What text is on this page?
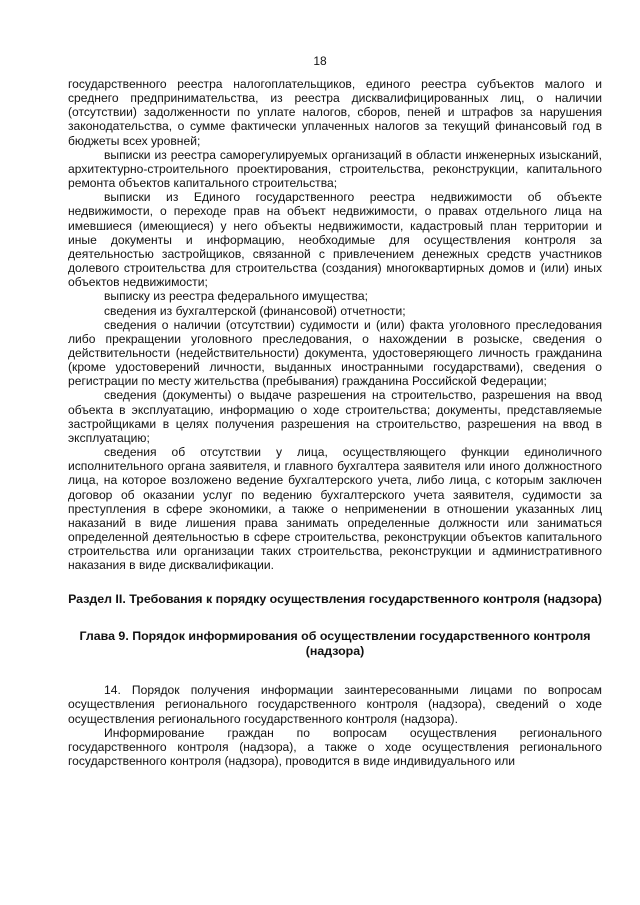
18

государственного реестра налогоплательщиков, единого реестра субъектов малого и среднего предпринимательства, из реестра дисквалифицированных лиц, о наличии (отсутствии) задолженности по уплате налогов, сборов, пеней и штрафов за нарушения законодательства, о сумме фактически уплаченных налогов за текущий финансовый год в бюджеты всех уровней;

выписки из реестра саморегулируемых организаций в области инженерных изысканий, архитектурно-строительного проектирования, строительства, реконструкции, капитального ремонта объектов капитального строительства;

выписки из Единого государственного реестра недвижимости об объекте недвижимости, о переходе прав на объект недвижимости, о правах отдельного лица на имевшиеся (имеющиеся) у него объекты недвижимости, кадастровый план территории и иные документы и информацию, необходимые для осуществления контроля за деятельностью застройщиков, связанной с привлечением денежных средств участников долевого строительства для строительства (создания) многоквартирных домов и (или) иных объектов недвижимости;

выписку из реестра федерального имущества;

сведения из бухгалтерской (финансовой) отчетности;

сведения о наличии (отсутствии) судимости и (или) факта уголовного преследования либо прекращении уголовного преследования, о нахождении в розыске, сведения о действительности (недействительности) документа, удостоверяющего личность гражданина (кроме удостоверений личности, выданных иностранными государствами), сведения о регистрации по месту жительства (пребывания) гражданина Российской Федерации;

сведения (документы) о выдаче разрешения на строительство, разрешения на ввод объекта в эксплуатацию, информацию о ходе строительства; документы, представляемые застройщиками в целях получения разрешения на строительство, разрешения на ввод в эксплуатацию;

сведения об отсутствии у лица, осуществляющего функции единоличного исполнительного органа заявителя, и главного бухгалтера заявителя или иного должностного лица, на которое возложено ведение бухгалтерского учета, либо лица, с которым заключен договор об оказании услуг по ведению бухгалтерского учета заявителя, судимости за преступления в сфере экономики, а также о неприменении в отношении указанных лиц наказаний в виде лишения права занимать определенные должности или заниматься определенной деятельностью в сфере строительства, реконструкции объектов капитального строительства или организации таких строительства, реконструкции и административного наказания в виде дисквалификации.

Раздел II. Требования к порядку осуществления государственного контроля (надзора)
Глава 9. Порядок информирования об осуществлении государственного контроля (надзора)

14. Порядок получения информации заинтересованными лицами по вопросам осуществления регионального государственного контроля (надзора), сведений о ходе осуществления регионального государственного контроля (надзора).

Информирование граждан по вопросам осуществления регионального государственного контроля (надзора), а также о ходе осуществления регионального государственного контроля (надзора), проводится в виде индивидуального или
